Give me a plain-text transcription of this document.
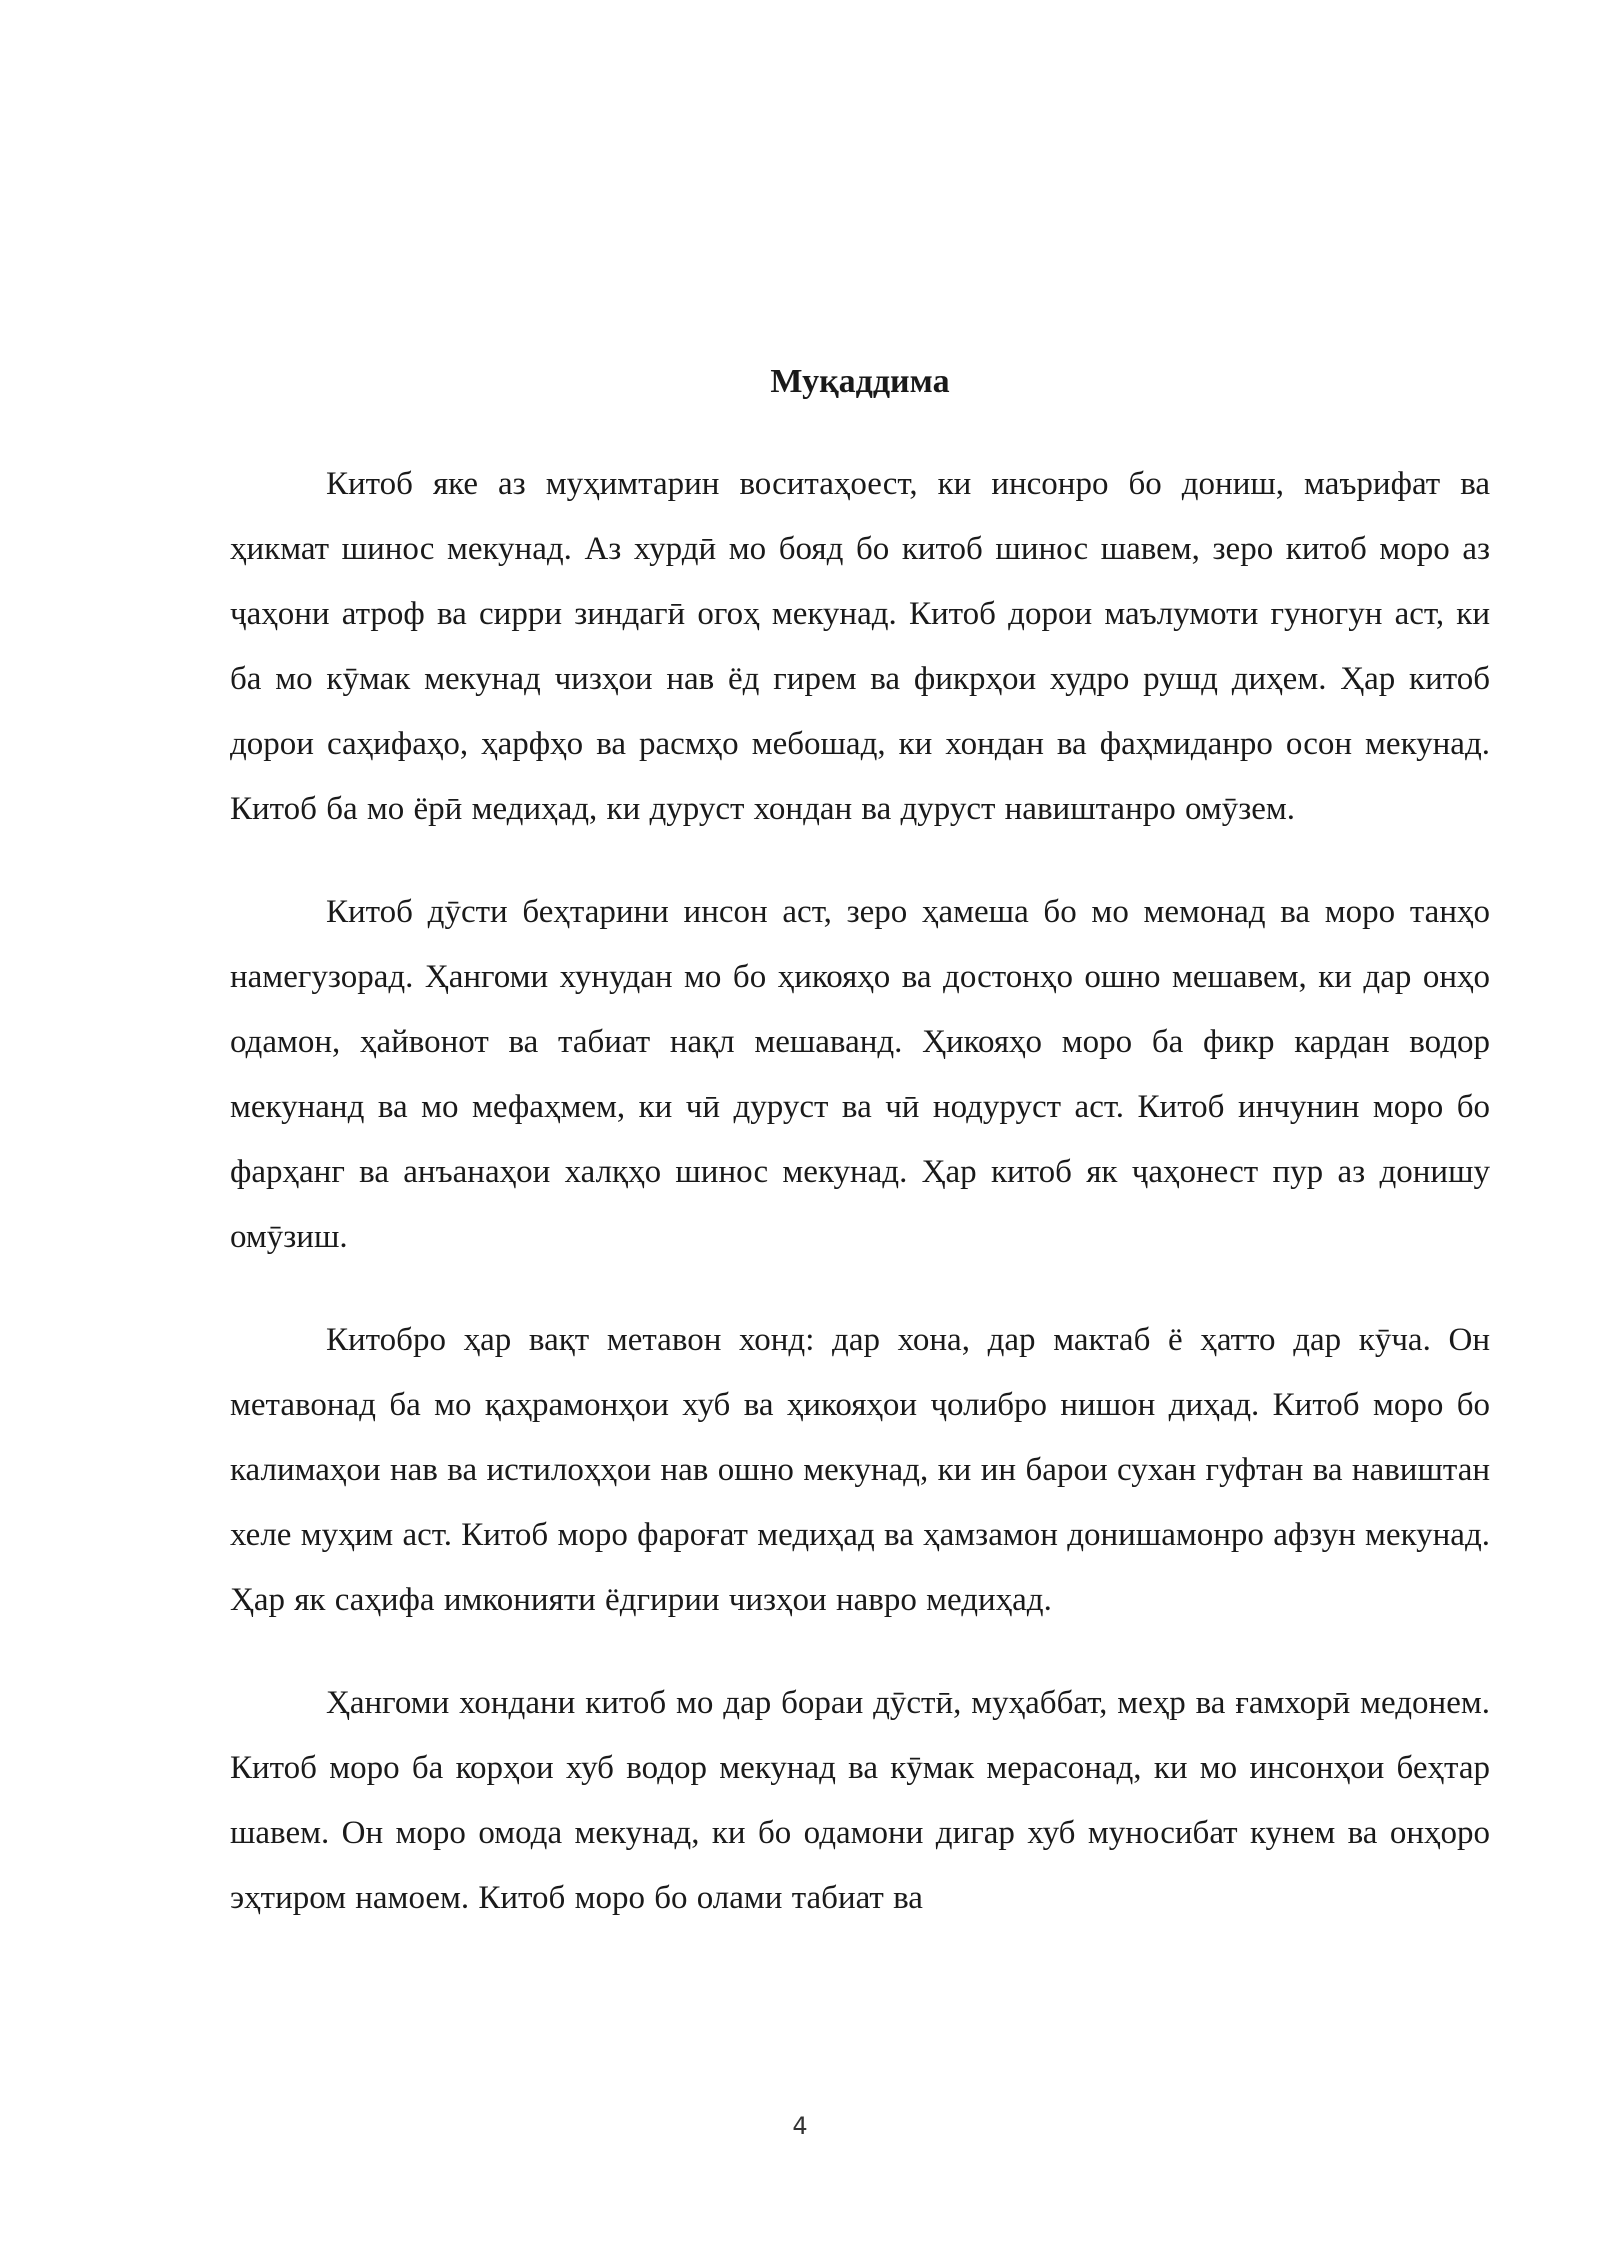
Муқаддима

Китоб яке аз муҳимтарин воситаҳоест, ки инсонро бо дониш, маърифат ва ҳикмат шинос мекунад. Аз хурдӣ мо бояд бо китоб шинос шавем, зеро китоб моро аз ҷаҳони атроф ва сирри зиндагӣ огоҳ мекунад. Китоб дорои маълумоти гуногун аст, ки ба мо кӯмак мекунад чизҳои нав ёд гирем ва фикрҳои худро рушд диҳем. Ҳар китоб дорои саҳифаҳо, ҳарфҳо ва расмҳо мебошад, ки хондан ва фаҳмиданро осон мекунад. Китоб ба мо ёрӣ медиҳад, ки дуруст хондан ва дуруст навиштанро омӯзем.

Китоб дӯсти беҳтарини инсон аст, зеро ҳамеша бо мо мемонад ва моро танҳо намегузорад. Ҳангоми хунудан мо бо ҳикояҳо ва достонҳо ошно мешавем, ки дар онҳо одамон, ҳайвонот ва табиат нақл мешаванд. Ҳикояҳо моро ба фикр кардан водор мекунанд ва мо мефаҳмем, ки чӣ дуруст ва чӣ нодуруст аст. Китоб инчунин моро бо фарҳанг ва анъанаҳои халқҳо шинос мекунад. Ҳар китоб як ҷаҳонест пур аз донишу омӯзиш.

Китобро ҳар вақт метавон хонд: дар хона, дар мактаб ё ҳатто дар кӯча. Он метавонад ба мо қаҳрамонҳои хуб ва ҳикояҳои ҷолибро нишон диҳад. Китоб моро бо калимаҳои нав ва истилоҳҳои нав ошно мекунад, ки ин барои сухан гуфтан ва навиштан хеле муҳим аст. Китоб моро фароғат медиҳад ва ҳамзамон донишамонро афзун мекунад. Ҳар як саҳифа имконияти ёдгирии чизҳои навро медиҳад.

Ҳангоми хондани китоб мо дар бораи дӯстӣ, муҳаббат, меҳр ва ғамхорӣ медонем. Китоб моро ба корҳои хуб водор мекунад ва кӯмак мерасонад, ки мо инсонҳои беҳтар шавем. Он моро омода мекунад, ки бо одамони дигар хуб муносибат кунем ва онҳоро эҳтиром намоем. Китоб моро бо олами табиат ва

4
